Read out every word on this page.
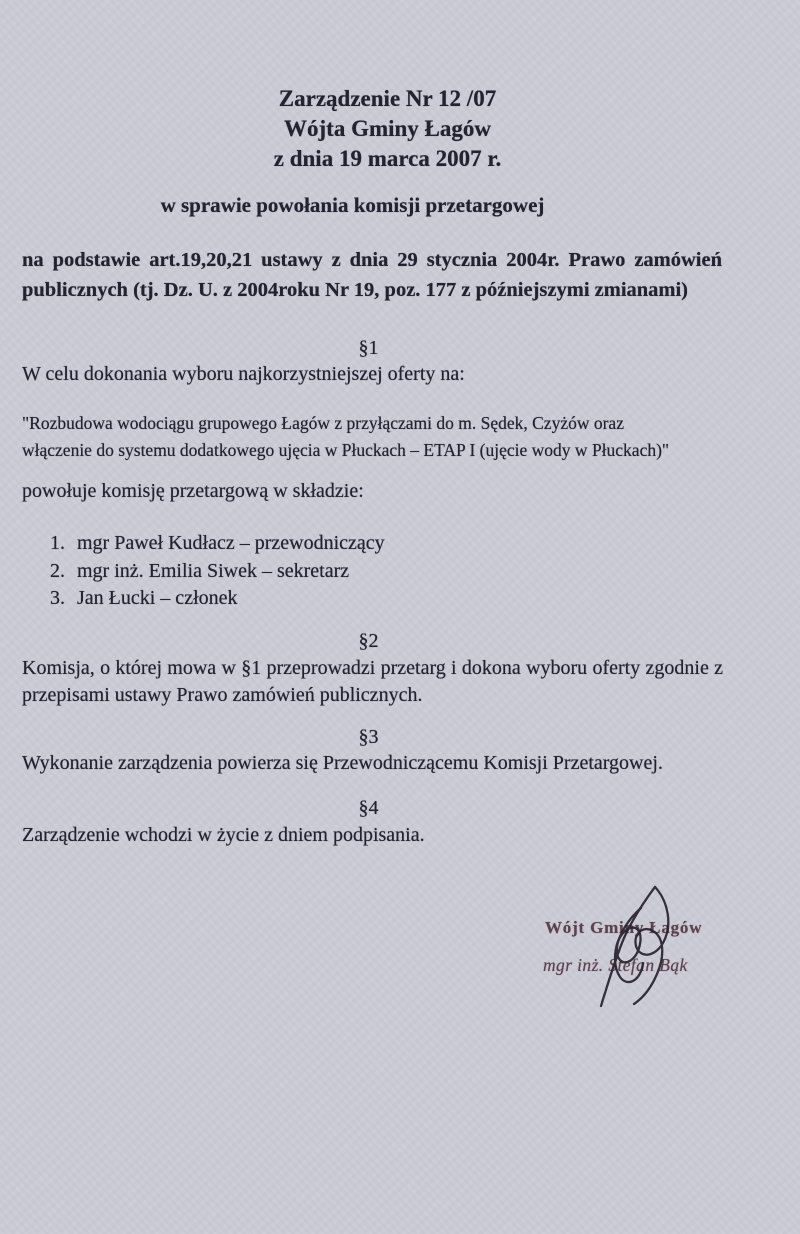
Zarządzenie Nr 12 /07
Wójta Gminy Łagów
z dnia 19 marca 2007 r.
w sprawie powołania komisji przetargowej
na podstawie art.19,20,21 ustawy z dnia 29 stycznia 2004r. Prawo zamówień publicznych (tj. Dz. U. z 2004roku Nr 19, poz. 177 z późniejszymi zmianami)
§1
W celu dokonania wyboru najkorzystniejszej oferty na:
"Rozbudowa wodociągu grupowego Łagów z przyłączami do m. Sędek, Czyżów oraz włączenie do systemu dodatkowego ujęcia w Płuckach – ETAP I (ujęcie wody w Płuckach)"
powołuje komisję przetargową w składzie:
1. mgr Paweł Kudłacz – przewodniczący
2. mgr inż. Emilia Siwek – sekretarz
3. Jan Łucki – członek
§2
Komisja, o której mowa w §1 przeprowadzi przetarg i dokona wyboru oferty zgodnie z przepisami ustawy Prawo zamówień publicznych.
§3
Wykonanie zarządzenia powierza się Przewodniczącemu Komisji Przetargowej.
§4
Zarządzenie wchodzi w życie z dniem podpisania.
Wójt Gminy Łagów
mgr inż. Stefan Bąk
